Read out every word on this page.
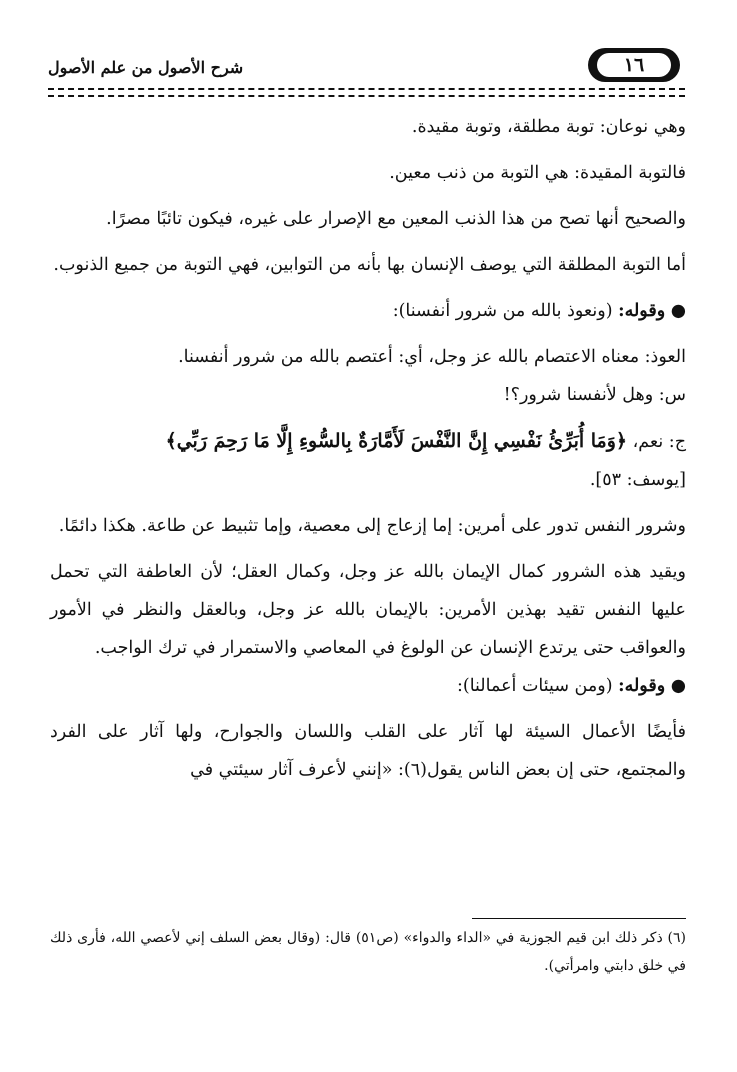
١٦
شرح الأصول من علم الأصول

وهي نوعان: توبة مطلقة، وتوبة مقيدة.

فالتوبة المقيدة: هي التوبة من ذنب معين.

والصحيح أنها تصح من هذا الذنب المعين مع الإصرار على غيره، فيكون تائبًا مصرًا.

أما التوبة المطلقة التي يوصف الإنسان بها بأنه من التوابين، فهي التوبة من جميع الذنوب.

● وقوله: (ونعوذ بالله من شرور أنفسنا):

العوذ: معناه الاعتصام بالله عز وجل، أي: أعتصم بالله من شرور أنفسنا.

س: وهل لأنفسنا شرور؟!

ج: نعم، ﴿وَمَا أُبَرِّئُ نَفْسِي إِنَّ النَّفْسَ لَأَمَّارَةٌ بِالسُّوءِ إِلَّا مَا رَحِمَ رَبِّي﴾

[يوسف: ٥٣].

وشرور النفس تدور على أمرين: إما إزعاج إلى معصية، وإما تثبيط عن طاعة. هكذا دائمًا.

ويقيد هذه الشرور كمال الإيمان بالله عز وجل، وكمال العقل؛ لأن العاطفة التي تحمل عليها النفس تقيد بهذين الأمرين: بالإيمان بالله عز وجل، وبالعقل والنظر في الأمور والعواقب حتى يرتدع الإنسان عن الولوغ في المعاصي والاستمرار في ترك الواجب.

● وقوله: (ومن سيئات أعمالنا):

فأيضًا الأعمال السيئة لها آثار على القلب واللسان والجوارح، ولها آثار على الفرد والمجتمع، حتى إن بعض الناس يقول(٦): «إنني لأعرف آثار سيئتي في

(٦) ذكر ذلك ابن قيم الجوزية في «الداء والدواء» (ص٥١) قال: (وقال بعض السلف إني لأعصي الله، فأرى ذلك في خلق دابتي وامرأتي).
